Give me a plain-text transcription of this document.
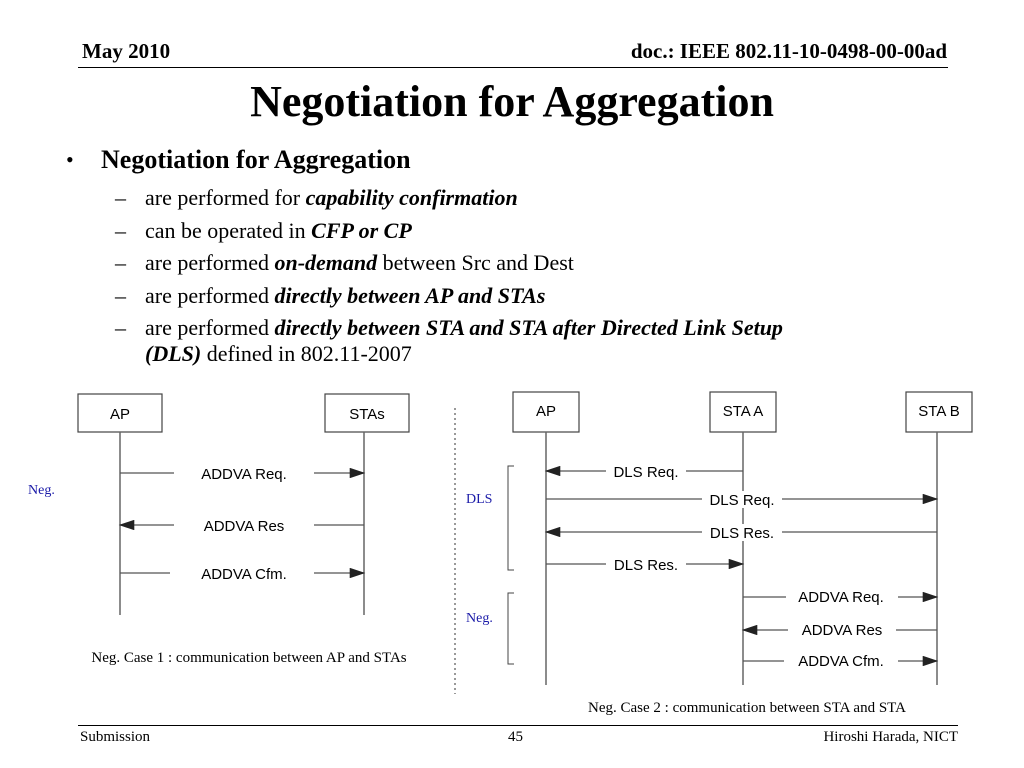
May 2010	doc.: IEEE 802.11-10-0498-00-00ad
Negotiation for Aggregation
• Negotiation for Aggregation
– are performed for capability confirmation
– can be operated in CFP or CP
– are performed on-demand between Src and Dest
– are performed directly between AP and STAs
– are performed directly between STA and STA after Directed Link Setup
(DLS) defined in 802.11-2007
AP	STAs
ADDVA Req.
ADDVA Res
ADDVA Cfm.
Neg.
Neg. Case 1 : communication between AP and STAs
AP	STA A	STA B
DLS Req.
DLS Req.
DLS Res.
DLS Res.
ADDVA Req.
ADDVA Res
ADDVA Cfm.
DLS
Neg.
Neg. Case 2 : communication between STA and STA
Submission	45	Hiroshi Harada, NICT
